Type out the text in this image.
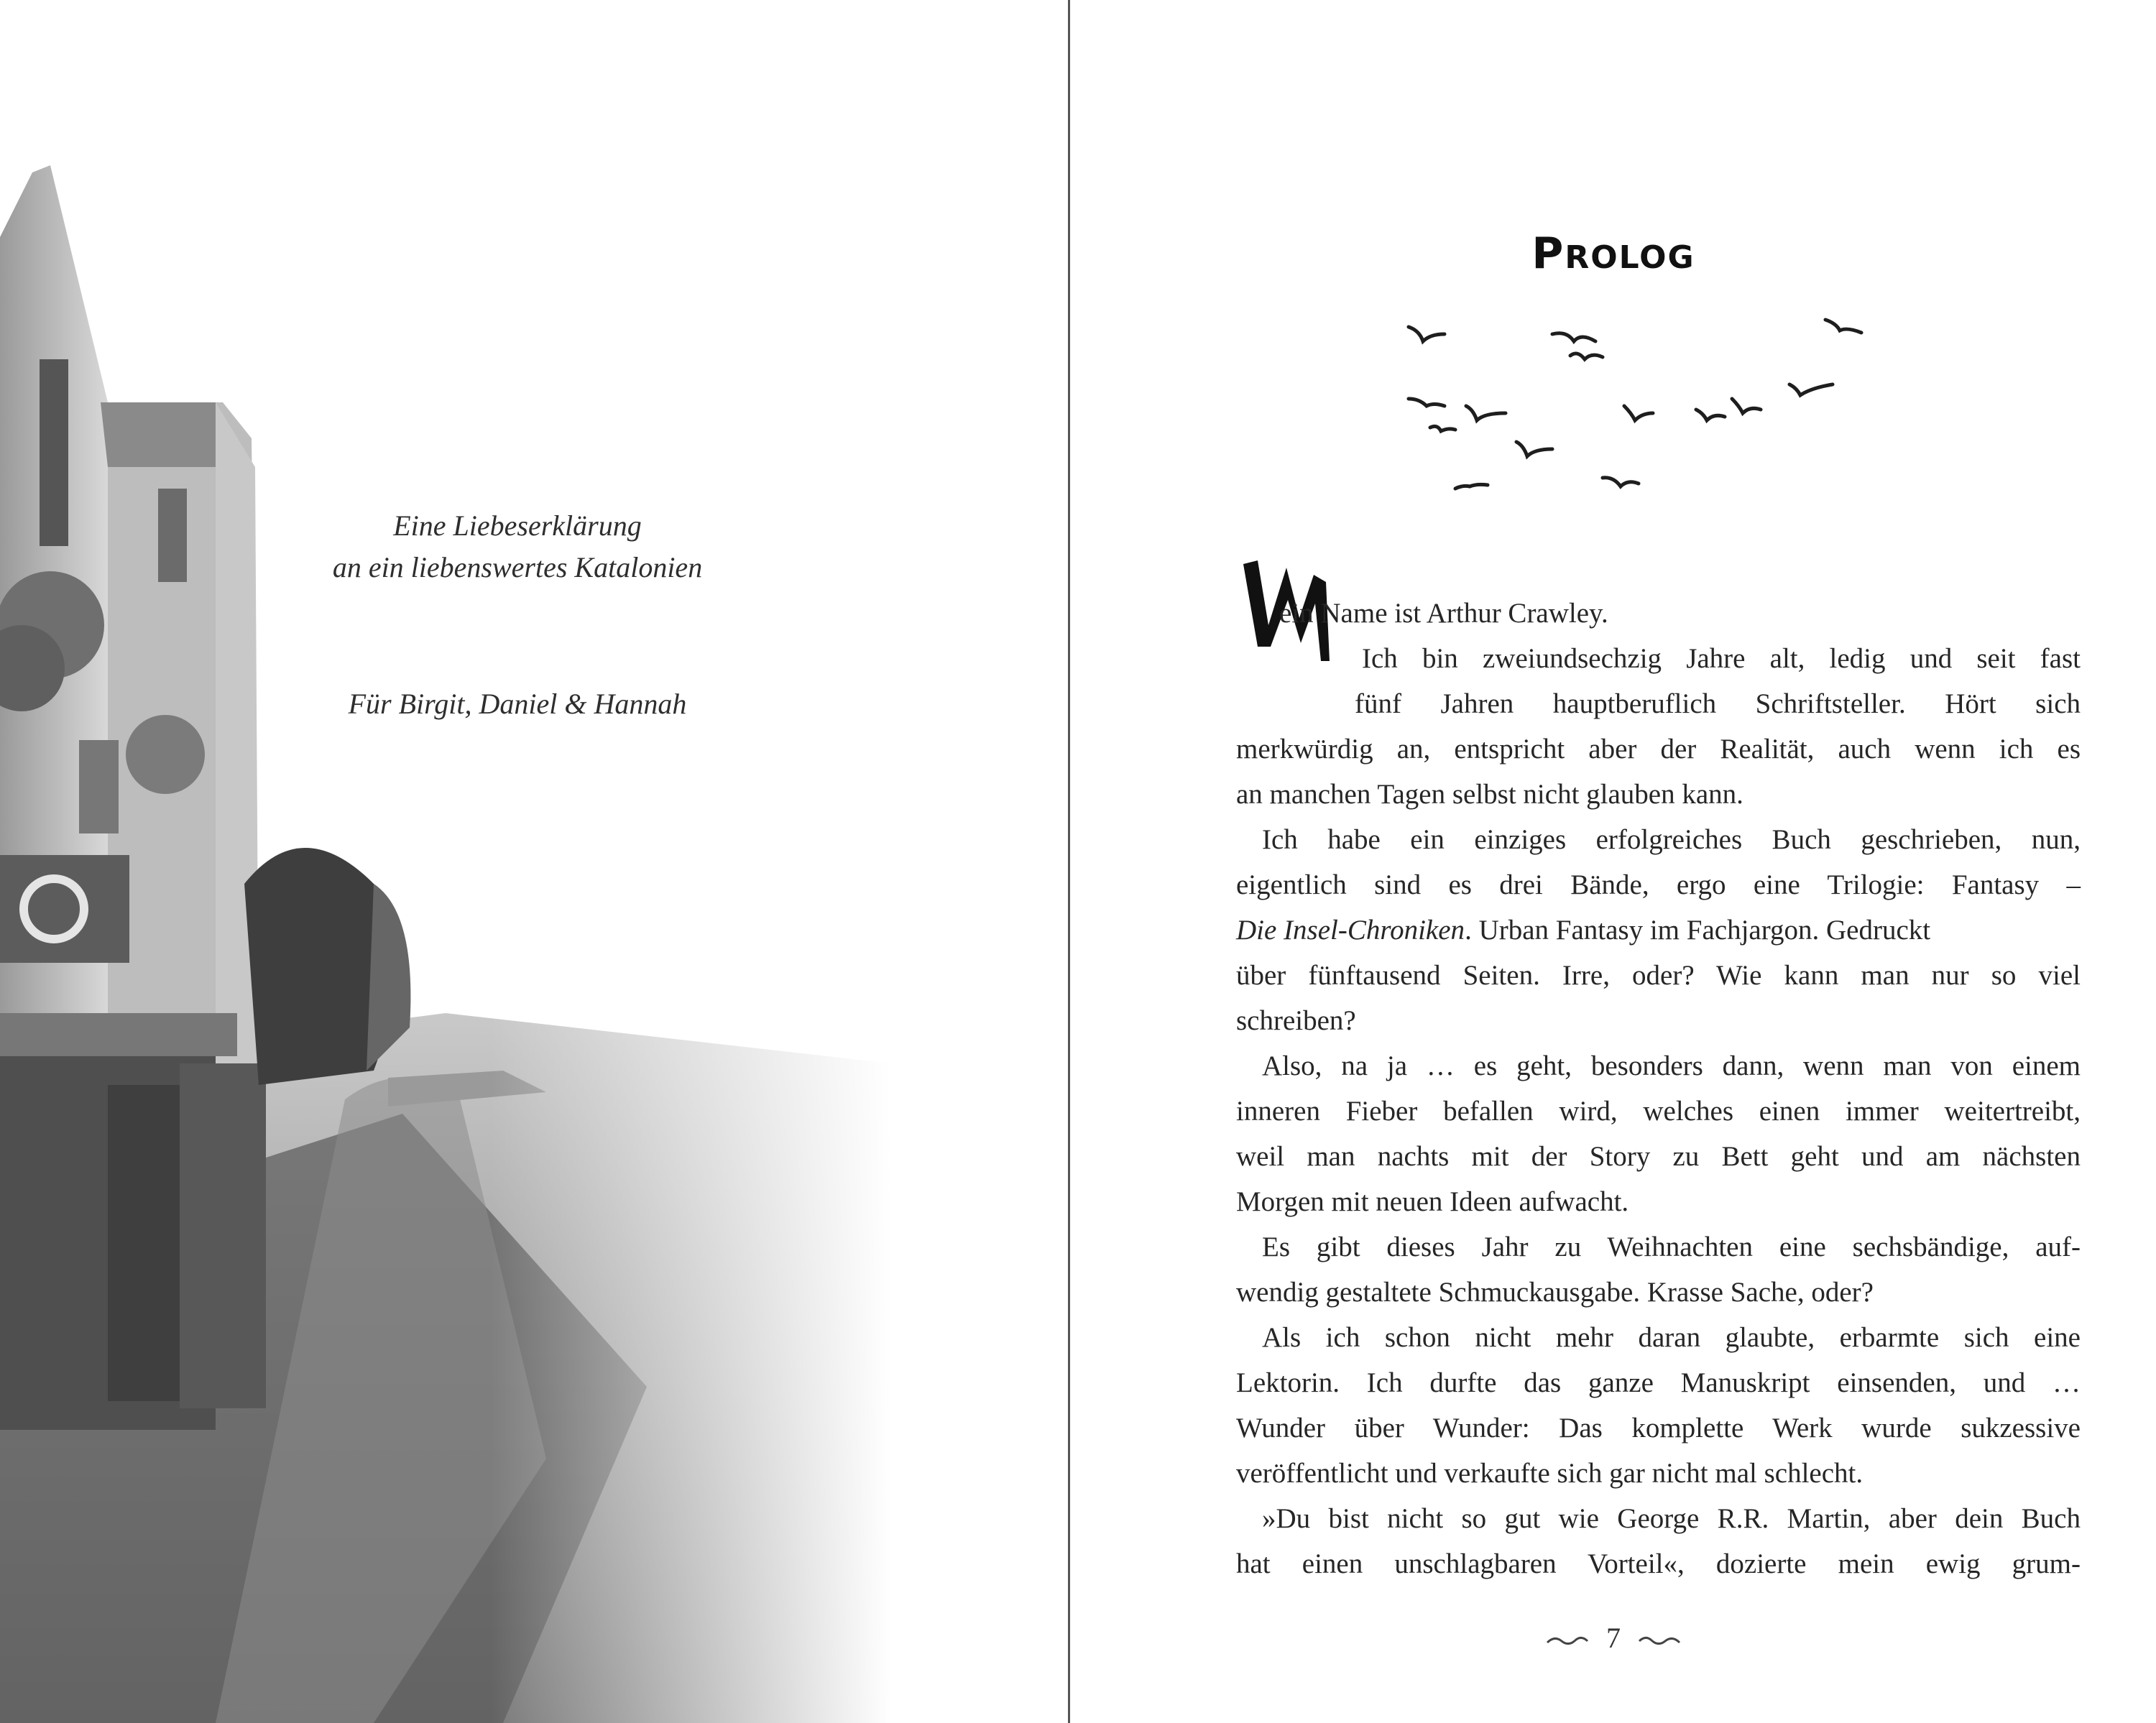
Eine Liebeserklärung
an ein liebenswertes Katalonien
Für Birgit, Daniel & Hannah
PROLOG
M
ein Name ist Arthur Crawley.
Ich bin zweiundsechzig Jahre alt, ledig und seit fast
fünf Jahren hauptberuflich Schriftsteller. Hört sich
merkwürdig an, entspricht aber der Realität, auch wenn ich es
an manchen Tagen selbst nicht glauben kann.
Ich habe ein einziges erfolgreiches Buch geschrieben, nun,
eigentlich sind es drei Bände, ergo eine Trilogie: Fantasy –
Die Insel-Chroniken. Urban Fantasy im Fachjargon. Gedruckt
über fünftausend Seiten. Irre, oder? Wie kann man nur so viel
schreiben?
Also, na ja … es geht, besonders dann, wenn man von einem
inneren Fieber befallen wird, welches einen immer weitertreibt,
weil man nachts mit der Story zu Bett geht und am nächsten
Morgen mit neuen Ideen aufwacht.
Es gibt dieses Jahr zu Weihnachten eine sechsbändige, auf-
wendig gestaltete Schmuckausgabe. Krasse Sache, oder?
Als ich schon nicht mehr daran glaubte, erbarmte sich eine
Lektorin. Ich durfte das ganze Manuskript einsenden, und …
Wunder über Wunder: Das komplette Werk wurde sukzessive
veröffentlicht und verkaufte sich gar nicht mal schlecht.
»Du bist nicht so gut wie George R.R. Martin, aber dein Buch
hat einen unschlagbaren Vorteil«, dozierte mein ewig grum-
7
